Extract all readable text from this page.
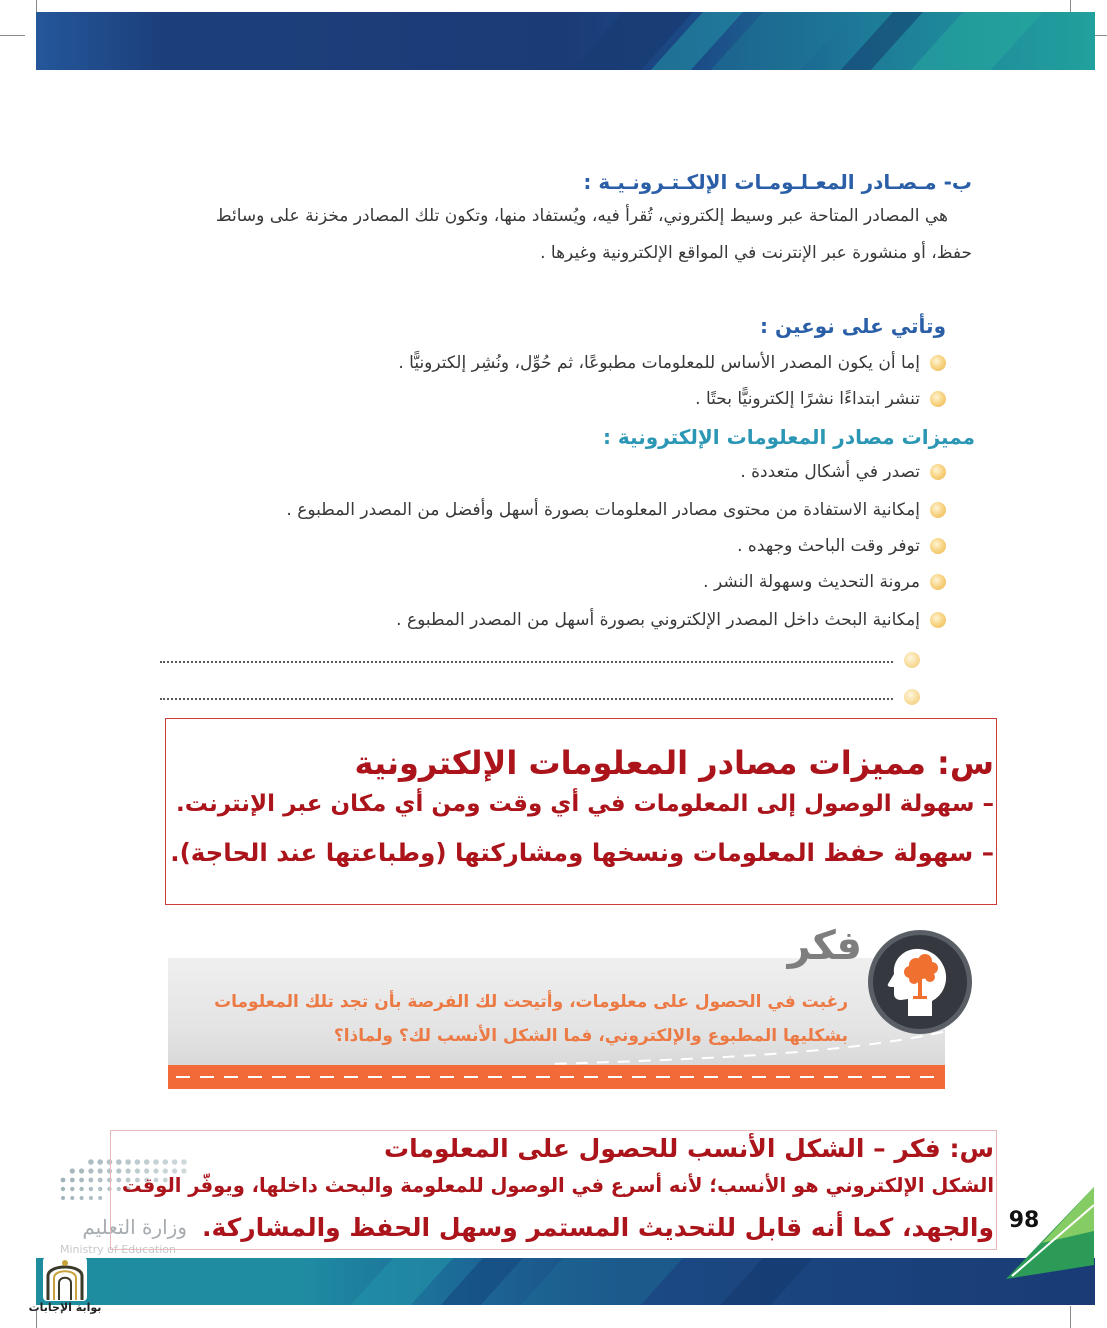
ب- مـصـادر المعـلـومـات الإلكـتـرونـيـة :
هي المصادر المتاحة عبر وسيط إلكتروني، تُقرأ فيه، ويُستفاد منها، وتكون تلك المصادر مخزنة على وسائط
حفظ، أو منشورة عبر الإنترنت في المواقع الإلكترونية وغيرها .
وتأتي على نوعين :
إما أن يكون المصدر الأساس للمعلومات مطبوعًا، ثم حُوِّل، ونُشِر إلكترونيًّا .
تنشر ابتداءًا نشرًا إلكترونيًّا بحتًا .
مميزات مصادر المعلومات الإلكترونية :
تصدر في أشكال متعددة .
إمكانية الاستفادة من محتوى مصادر المعلومات بصورة أسهل وأفضل من المصدر المطبوع .
توفر وقت الباحث وجهده .
مرونة التحديث وسهولة النشر .
إمكانية البحث داخل المصدر الإلكتروني بصورة أسهل من المصدر المطبوع .
س: مميزات مصادر المعلومات الإلكترونية
– سهولة الوصول إلى المعلومات في أي وقت ومن أي مكان عبر الإنترنت.
– سهولة حفظ المعلومات ونسخها ومشاركتها (وطباعتها عند الحاجة).
فكر
رغبت في الحصول على معلومات، وأتيحت لك الفرصة بأن تجد تلك المعلومات
بشكليها المطبوع والإلكتروني، فما الشكل الأنسب لك؟ ولماذا؟
وزارة التعليم
Ministry of Education
س: فكر – الشكل الأنسب للحصول على المعلومات
الشكل الإلكتروني هو الأنسب؛ لأنه أسرع في الوصول للمعلومة والبحث داخلها، ويوفّر الوقت
والجهد، كما أنه قابل للتحديث المستمر وسهل الحفظ والمشاركة. 98
بوابة الإجابات
